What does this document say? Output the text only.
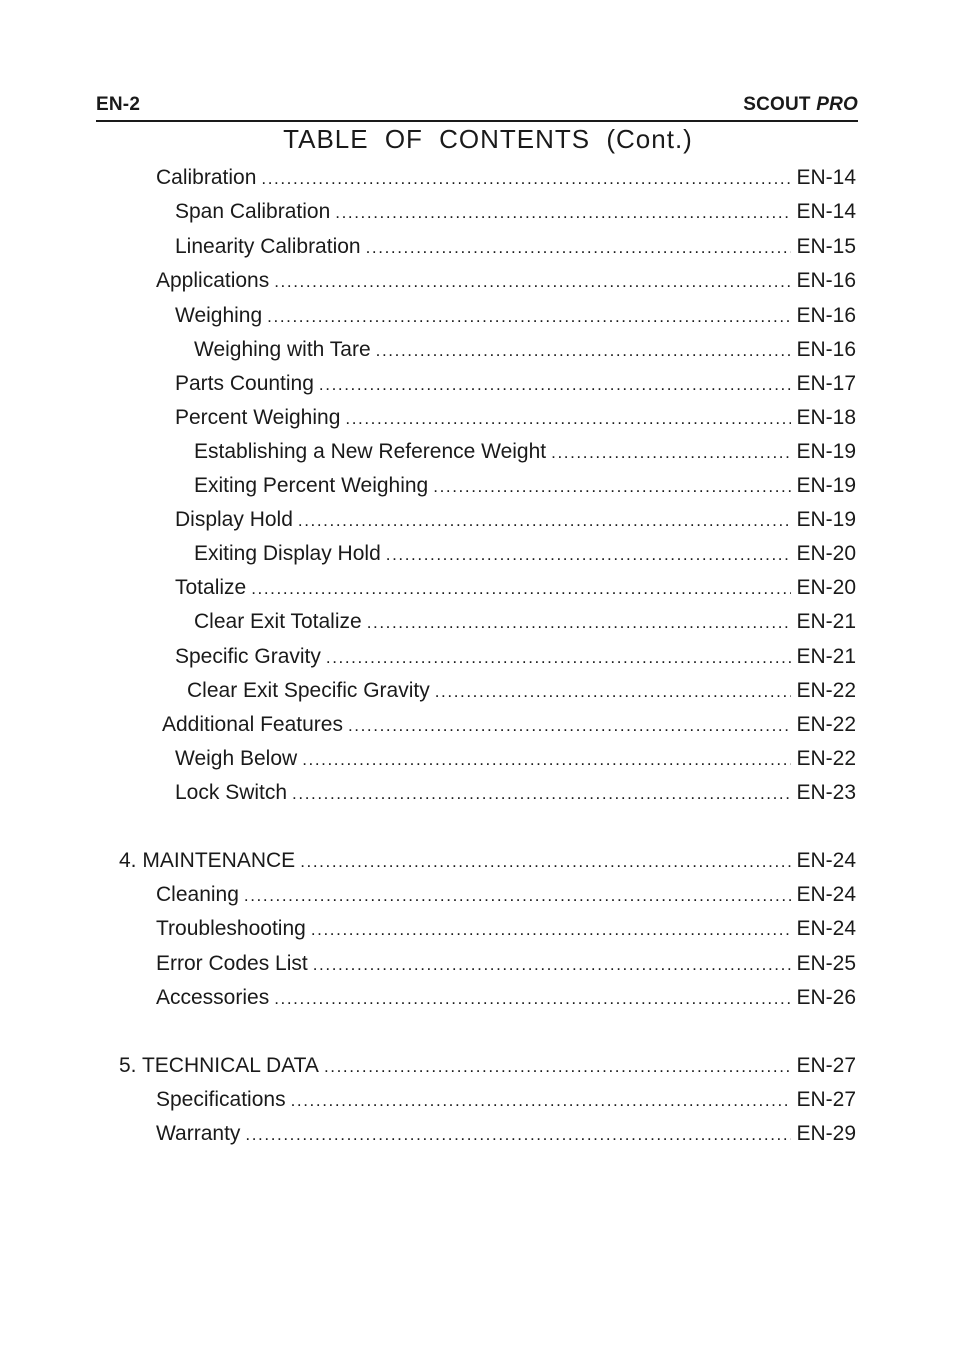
EN-2	SCOUT PRO
TABLE OF CONTENTS (Cont.)
Calibration .....	EN-14
Span Calibration .....	EN-14
Linearity Calibration .....	EN-15
Applications .....	EN-16
Weighing .....	EN-16
Weighing with Tare .....	EN-16
Parts Counting .....	EN-17
Percent Weighing .....	EN-18
Establishing a New Reference Weight .....	EN-19
Exiting Percent Weighing .....	EN-19
Display Hold .....	EN-19
Exiting Display Hold .....	EN-20
Totalize .....	EN-20
Clear Exit Totalize .....	EN-21
Specific Gravity .....	EN-21
Clear Exit Specific Gravity .....	EN-22
Additional Features .....	EN-22
Weigh Below .....	EN-22
Lock Switch .....	EN-23
4. MAINTENANCE .....	EN-24
Cleaning .....	EN-24
Troubleshooting .....	EN-24
Error Codes List .....	EN-25
Accessories .....	EN-26
5. TECHNICAL DATA .....	EN-27
Specifications .....	EN-27
Warranty .....	EN-29
